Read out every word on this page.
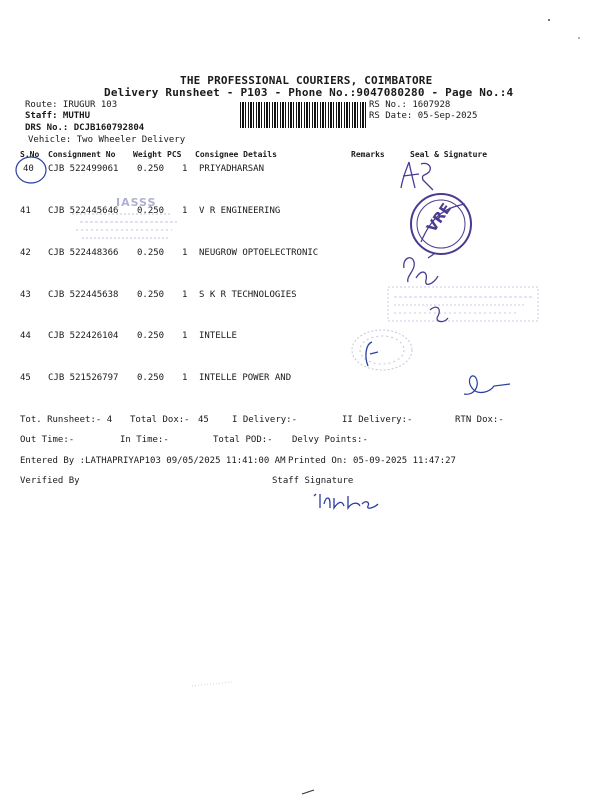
THE PROFESSIONAL COURIERS, COIMBATORE
Delivery Runsheet - P103 - Phone No.:9047080280 - Page No.:4
Route: IRUGUR 103
Staff: MUTHU
DRS No.: DCJB160792804
Vehicle: Two Wheeler Delivery
RS No.: 1607928
RS Date: 05-Sep-2025
S.No Consignment No Weight PCS Consignee Details	Remarks	Seal & Signature
40 CJB 522499061 0.250 1 PRIYADHARSAN
41 CJB 522445646 0.250 1 V R ENGINEERING
42 CJB 522448366 0.250 1 NEUGROW OPTOELECTRONIC
43 CJB 522445638 0.250 1 S K R TECHNOLOGIES
44 CJB 522426104 0.250 1 INTELLE
45 CJB 521526797 0.250 1 INTELLE POWER AND
IASSS	VRE
Tot. Runsheet:- 4 Total Dox:- 45	I Delivery:-	II Delivery:-	RTN Dox:-
Out Time:-	In Time:-	Total POD:- Delvy Points:-
Entered By :LATHAPRIYAP103 09/05/2025 11:41:00 AM Printed On: 05-09-2025 11:47:27
Verified By	Staff Signature
